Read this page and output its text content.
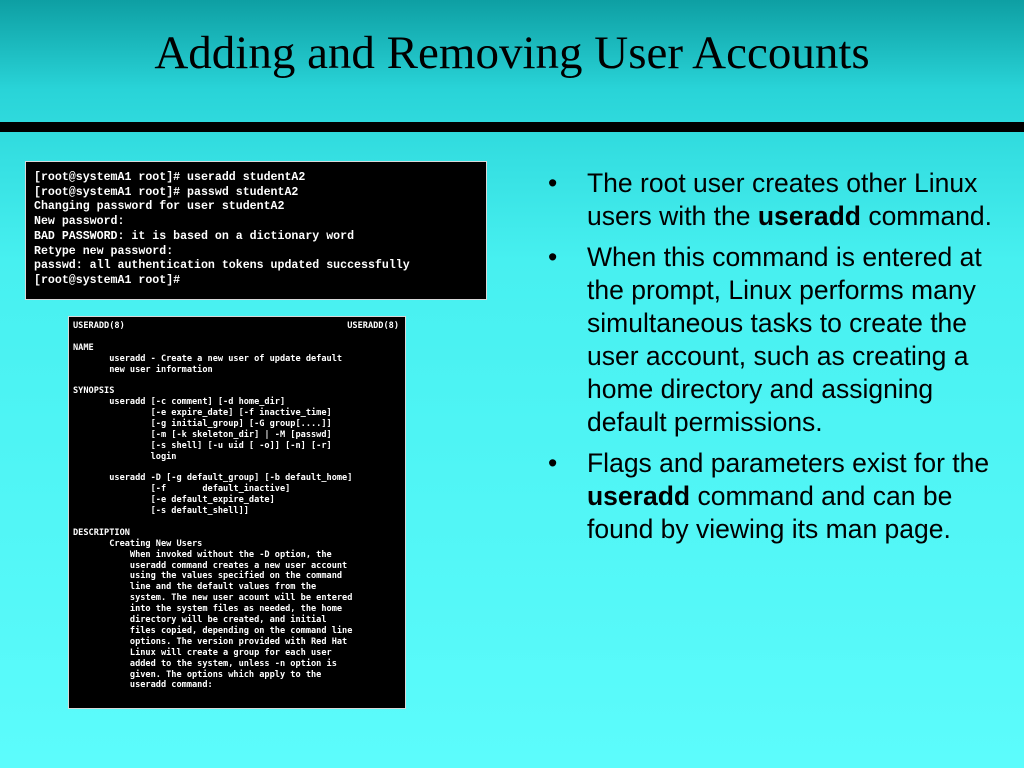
Adding and Removing User Accounts
[root@systemA1 root]# useradd studentA2
[root@systemA1 root]# passwd studentA2
Changing password for user studentA2
New password:
BAD PASSWORD: it is based on a dictionary word
Retype new password:
passwd: all authentication tokens updated successfully
[root@systemA1 root]#
USERADD(8)	USERADD(8)
NAME
useradd - Create a new user of update default
new user information
SYNOPSIS
useradd [-c comment] [-d home_dir]
[-e expire_date] [-f inactive_time]
[-g initial_group] [-G group[....]]
[-m [-k skeleton_dir] | -M [passwd]
[-s shell] [-u uid [ -o]] [-n] [-r]
login
useradd -D [-g default_group] [-b default_home]
[-f       default_inactive]
[-e default_expire_date]
[-s default_shell]]
DESCRIPTION
Creating New Users
When invoked without the -D option, the
useradd command creates a new user account
using the values specified on the command
line and the default values from the
system. The new user acount will be entered
into the system files as needed, the home
directory will be created, and initial
files copied, depending on the command line
options. The version provided with Red Hat
Linux will create a group for each user
added to the system, unless -n option is
given. The options which apply to the
useradd command:
• The root user creates other Linux users with the useradd command.
• When this command is entered at the prompt, Linux performs many simultaneous tasks to create the user account, such as creating a home directory and assigning default permissions.
• Flags and parameters exist for the useradd command and can be found by viewing its man page.
